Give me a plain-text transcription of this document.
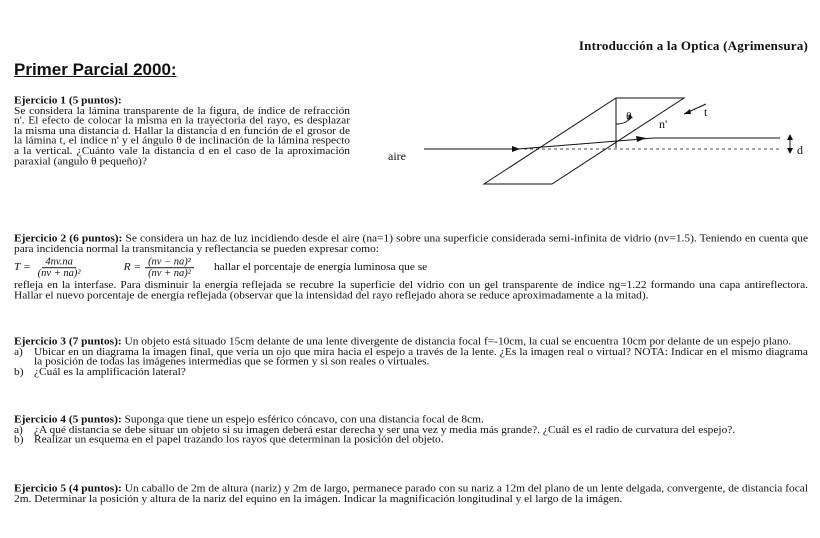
Introducción a la Optica (Agrimensura)
Primer Parcial 2000:
Ejercicio 1 (5 puntos):
Se considera la lámina transparente de la figura, de índice de refracción n'. El efecto de colocar la misma en la trayectoria del rayo, es desplazar la misma una distancia d. Hallar la distancia d en función de el grosor de la lámina t, el índice n' y el ángulo θ de inclinación de la lámina respecto a la vertical. ¿Cuánto vale la distancia d en el caso de la aproximación paraxial (angulo θ pequeño)?
d
θ	t
n'
aire
Ejercicio 2 (6 puntos): Se considera un haz de luz incidiendo desde el aire (na=1) sobre una superficie considerada semi-infinita de vidrio (nv=1.5). Teniendo en cuenta que para incidencia normal la transmitancia y reflectancia se pueden expresar como:
$T = \frac{4nv.na}{\text{(nv + na)²}}$	$R = \frac{\text{(nv − na)²}}{\text{(nv + na)²}}$ hallar el porcentaje de energía luminosa que se
refleja en la interfase. Para disminuir la energía reflejada se recubre la superficie del vidrio con un gel transparente de índice ng=1.22 formando una capa antireflectora. Hallar el nuevo porcentaje de energía reflejada (observar que la intensidad del rayo reflejado ahora se reduce aproximadamente a la mitad).
Ejercicio 3 (7 puntos): Un objeto está situado 15cm delante de una lente divergente de distancia focal f=-10cm, la cual se encuentra 10cm por delante de un espejo plano.
a) Ubicar en un diagrama la imagen final, que vería un ojo que mira hacia el espejo a través de la lente. ¿Es la imagen real o virtual? NOTA: Indicar en el mismo diagrama la posición de todas las imágenes intermedias que se formen y si son reales o virtuales.
b) ¿Cuál es la amplificación lateral?
Ejercicio 4 (5 puntos): Suponga que tiene un espejo esférico cóncavo, con una distancia focal de 8cm.
a) ¿A qué distancia se debe situar un objeto si su imagen deberá estar derecha y ser una vez y media más grande?. ¿Cuál es el radio de curvatura del espejo?.
b) Realizar un esquema en el papel trazando los rayos que determinan la posición del objeto.
Ejercicio 5 (4 puntos): Un caballo de 2m de altura (nariz) y 2m de largo, permanece parado con su nariz a 12m del plano de un lente delgada, convergente, de distancia focal 2m. Determinar la posición y altura de la nariz del equino en la imágen. Indicar la magnificación longitudinal y el largo de la imágen.
